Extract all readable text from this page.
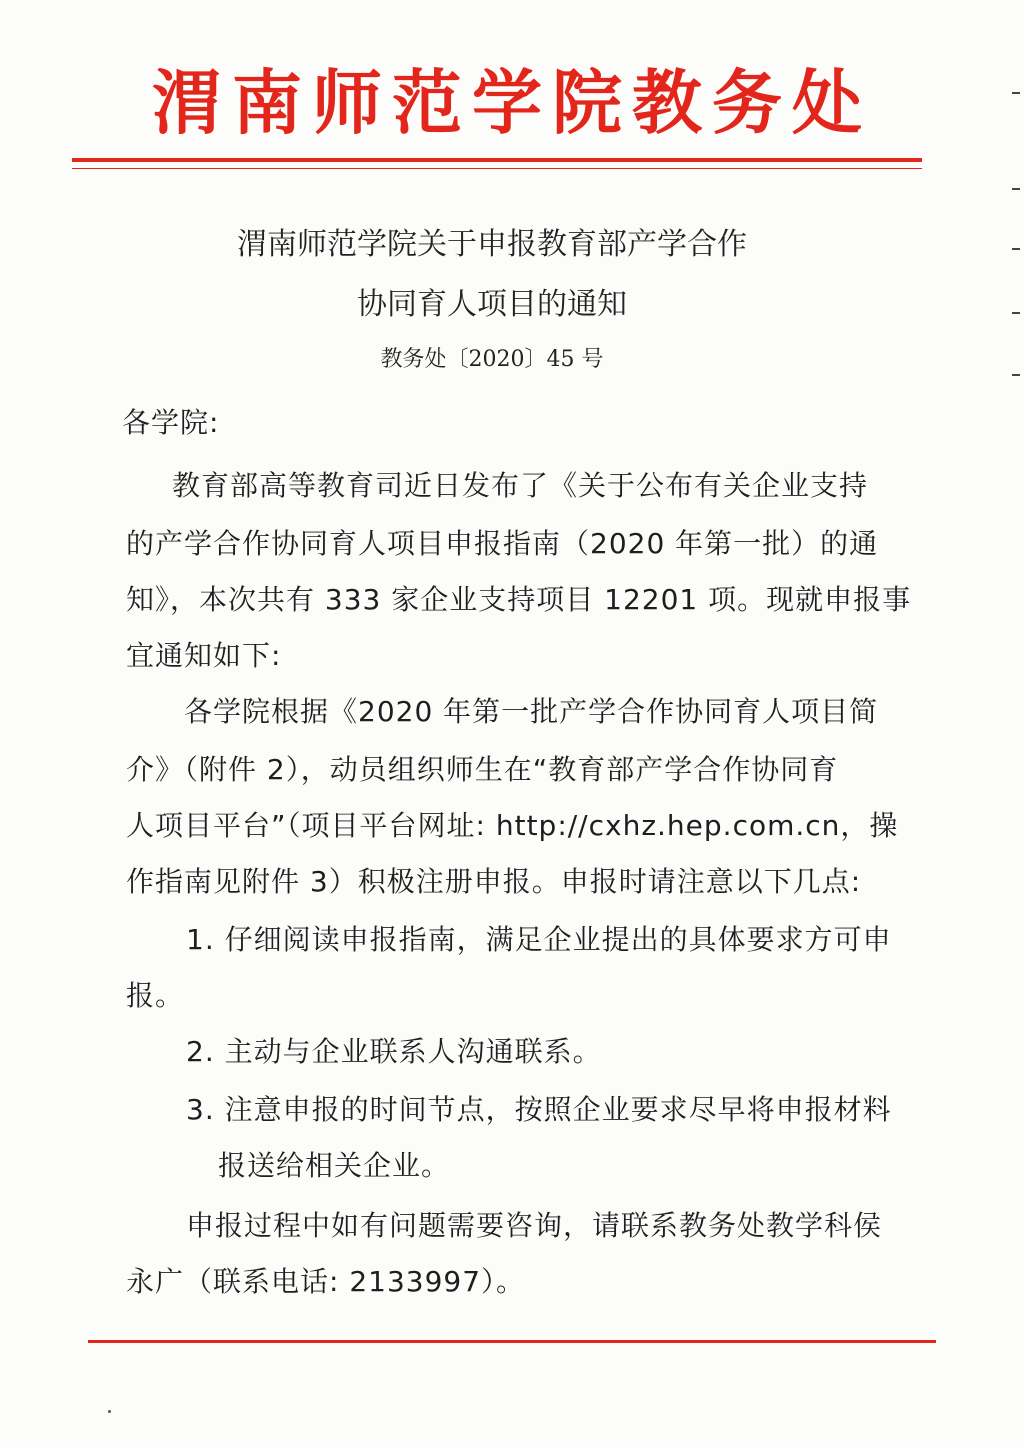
渭南师范学院教务处
渭南师范学院关于申报教育部产学合作
协同育人项目的通知
教务处〔2020〕45 号
各学院:
教育部高等教育司近日发布了《关于公布有关企业支持
的产学合作协同育人项目申报指南（2020 年第一批）的通
知》，本次共有 333 家企业支持项目 12201 项。现就申报事
宜通知如下:
各学院根据《2020 年第一批产学合作协同育人项目简
介》（附件 2），动员组织师生在“教育部产学合作协同育
人项目平台”（项目平台网址: http://cxhz.hep.com.cn，操
作指南见附件 3）积极注册申报。申报时请注意以下几点:
1. 仔细阅读申报指南，满足企业提出的具体要求方可申
报。
2. 主动与企业联系人沟通联系。
3. 注意申报的时间节点，按照企业要求尽早将申报材料
报送给相关企业。
申报过程中如有问题需要咨询，请联系教务处教学科侯
永广（联系电话: 2133997）。
